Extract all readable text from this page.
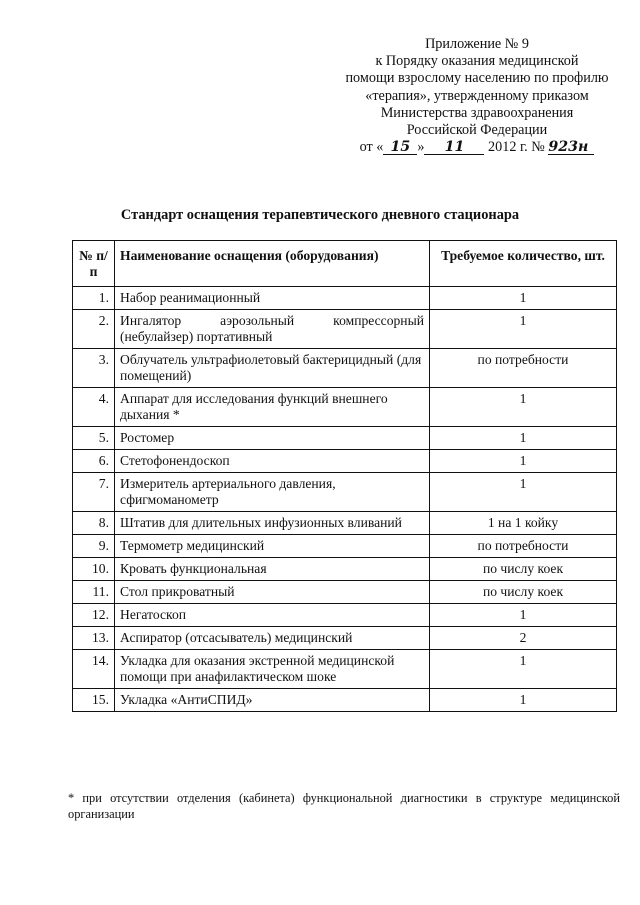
Приложение № 9
к Порядку оказания медицинской
помощи взрослому населению по профилю
«терапия», утвержденному приказом
Министерства здравоохранения
Российской Федерации
от « 15 » 11 2012 г. № 923н
Стандарт оснащения терапевтического дневного стационара
№ п/п	Наименование оснащения (оборудования)	Требуемое количество, шт.
1.	Набор реанимационный	1
2.	Ингалятор аэрозольный компрессорный (небулайзер) портативный	1
3.	Облучатель ультрафиолетовый бактерицидный (для помещений)	по потребности
4.	Аппарат для исследования функций внешнего дыхания *	1
5.	Ростомер	1
6.	Стетофонендоскоп	1
7.	Измеритель артериального давления, сфигмоманометр	1
8.	Штатив для длительных инфузионных вливаний	1 на 1 койку
9.	Термометр медицинский	по потребности
10.	Кровать функциональная	по числу коек
11.	Стол прикроватный	по числу коек
12.	Негатоскоп	1
13.	Аспиратор (отсасыватель) медицинский	2
14.	Укладка для оказания экстренной медицинской помощи при анафилактическом шоке	1
15.	Укладка «АнтиСПИД»	1
* при отсутствии отделения (кабинета) функциональной диагностики в структуре медицинской организации
